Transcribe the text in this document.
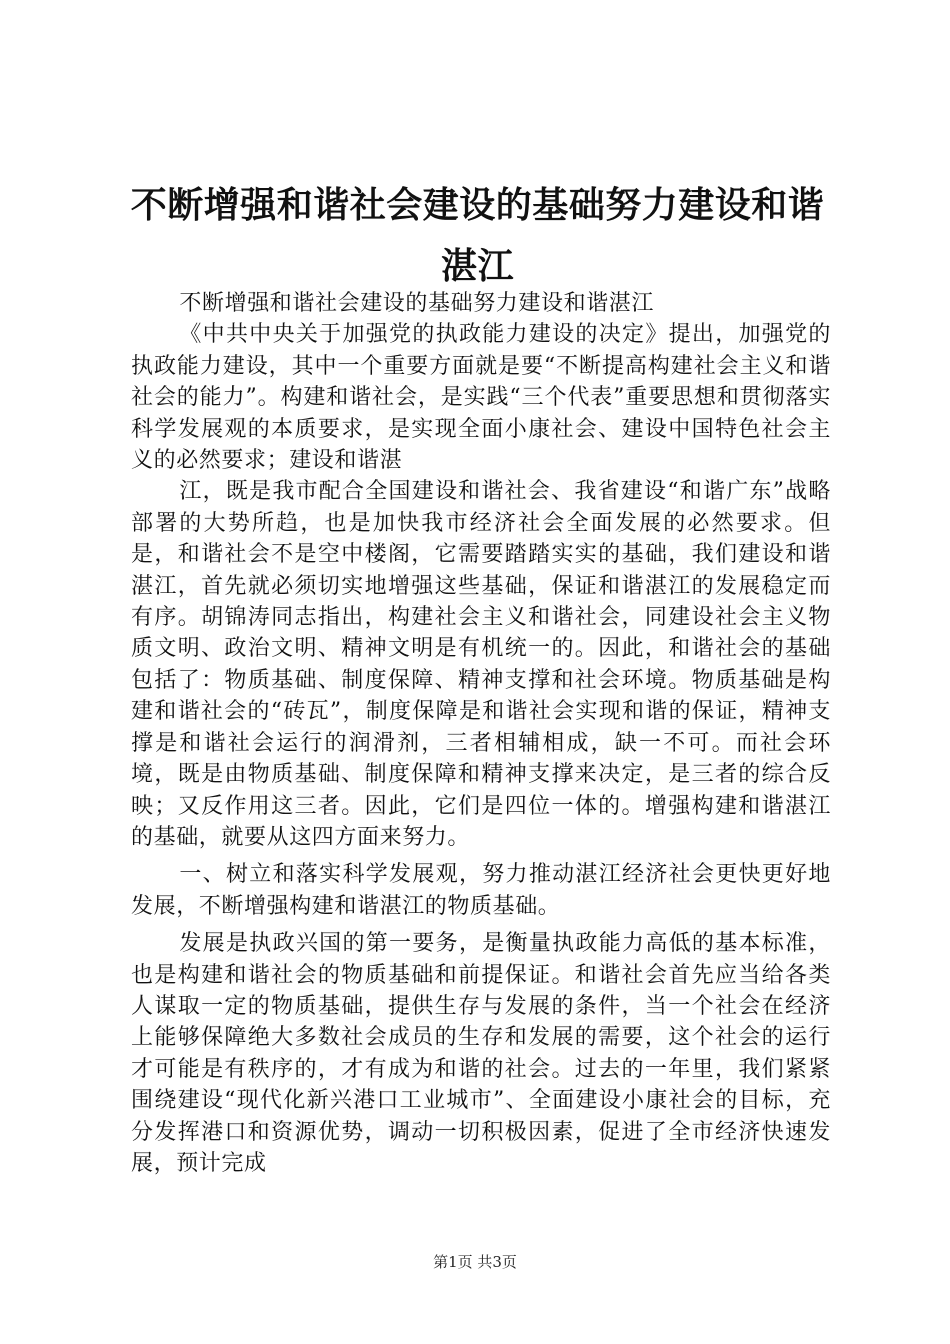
不断增强和谐社会建设的基础努力建设和谐湛江

不断增强和谐社会建设的基础努力建设和谐湛江

《中共中央关于加强党的执政能力建设的决定》提出，加强党的执政能力建设，其中一个重要方面就是要“不断提高构建社会主义和谐社会的能力”。构建和谐社会，是实践“三个代表”重要思想和贯彻落实科学发展观的本质要求，是实现全面小康社会、建设中国特色社会主义的必然要求；建设和谐湛

江，既是我市配合全国建设和谐社会、我省建设“和谐广东”战略部署的大势所趋，也是加快我市经济社会全面发展的必然要求。但是，和谐社会不是空中楼阁，它需要踏踏实实的基础，我们建设和谐湛江，首先就必须切实地增强这些基础，保证和谐湛江的发展稳定而有序。胡锦涛同志指出，构建社会主义和谐社会，同建设社会主义物质文明、政治文明、精神文明是有机统一的。因此，和谐社会的基础包括了：物质基础、制度保障、精神支撑和社会环境。物质基础是构建和谐社会的“砖瓦”，制度保障是和谐社会实现和谐的保证，精神支撑是和谐社会运行的润滑剂，三者相辅相成，缺一不可。而社会环境，既是由物质基础、制度保障和精神支撑来决定，是三者的综合反映；又反作用这三者。因此，它们是四位一体的。增强构建和谐湛江的基础，就要从这四方面来努力。

一、树立和落实科学发展观，努力推动湛江经济社会更快更好地发展，不断增强构建和谐湛江的物质基础。

发展是执政兴国的第一要务，是衡量执政能力高低的基本标准，也是构建和谐社会的物质基础和前提保证。和谐社会首先应当给各类人谋取一定的物质基础，提供生存与发展的条件，当一个社会在经济上能够保障绝大多数社会成员的生存和发展的需要，这个社会的运行才可能是有秩序的，才有成为和谐的社会。过去的一年里，我们紧紧围绕建设“现代化新兴港口工业城市”、全面建设小康社会的目标，充分发挥港口和资源优势，调动一切积极因素，促进了全市经济快速发展，预计完成

第1页 共3页
